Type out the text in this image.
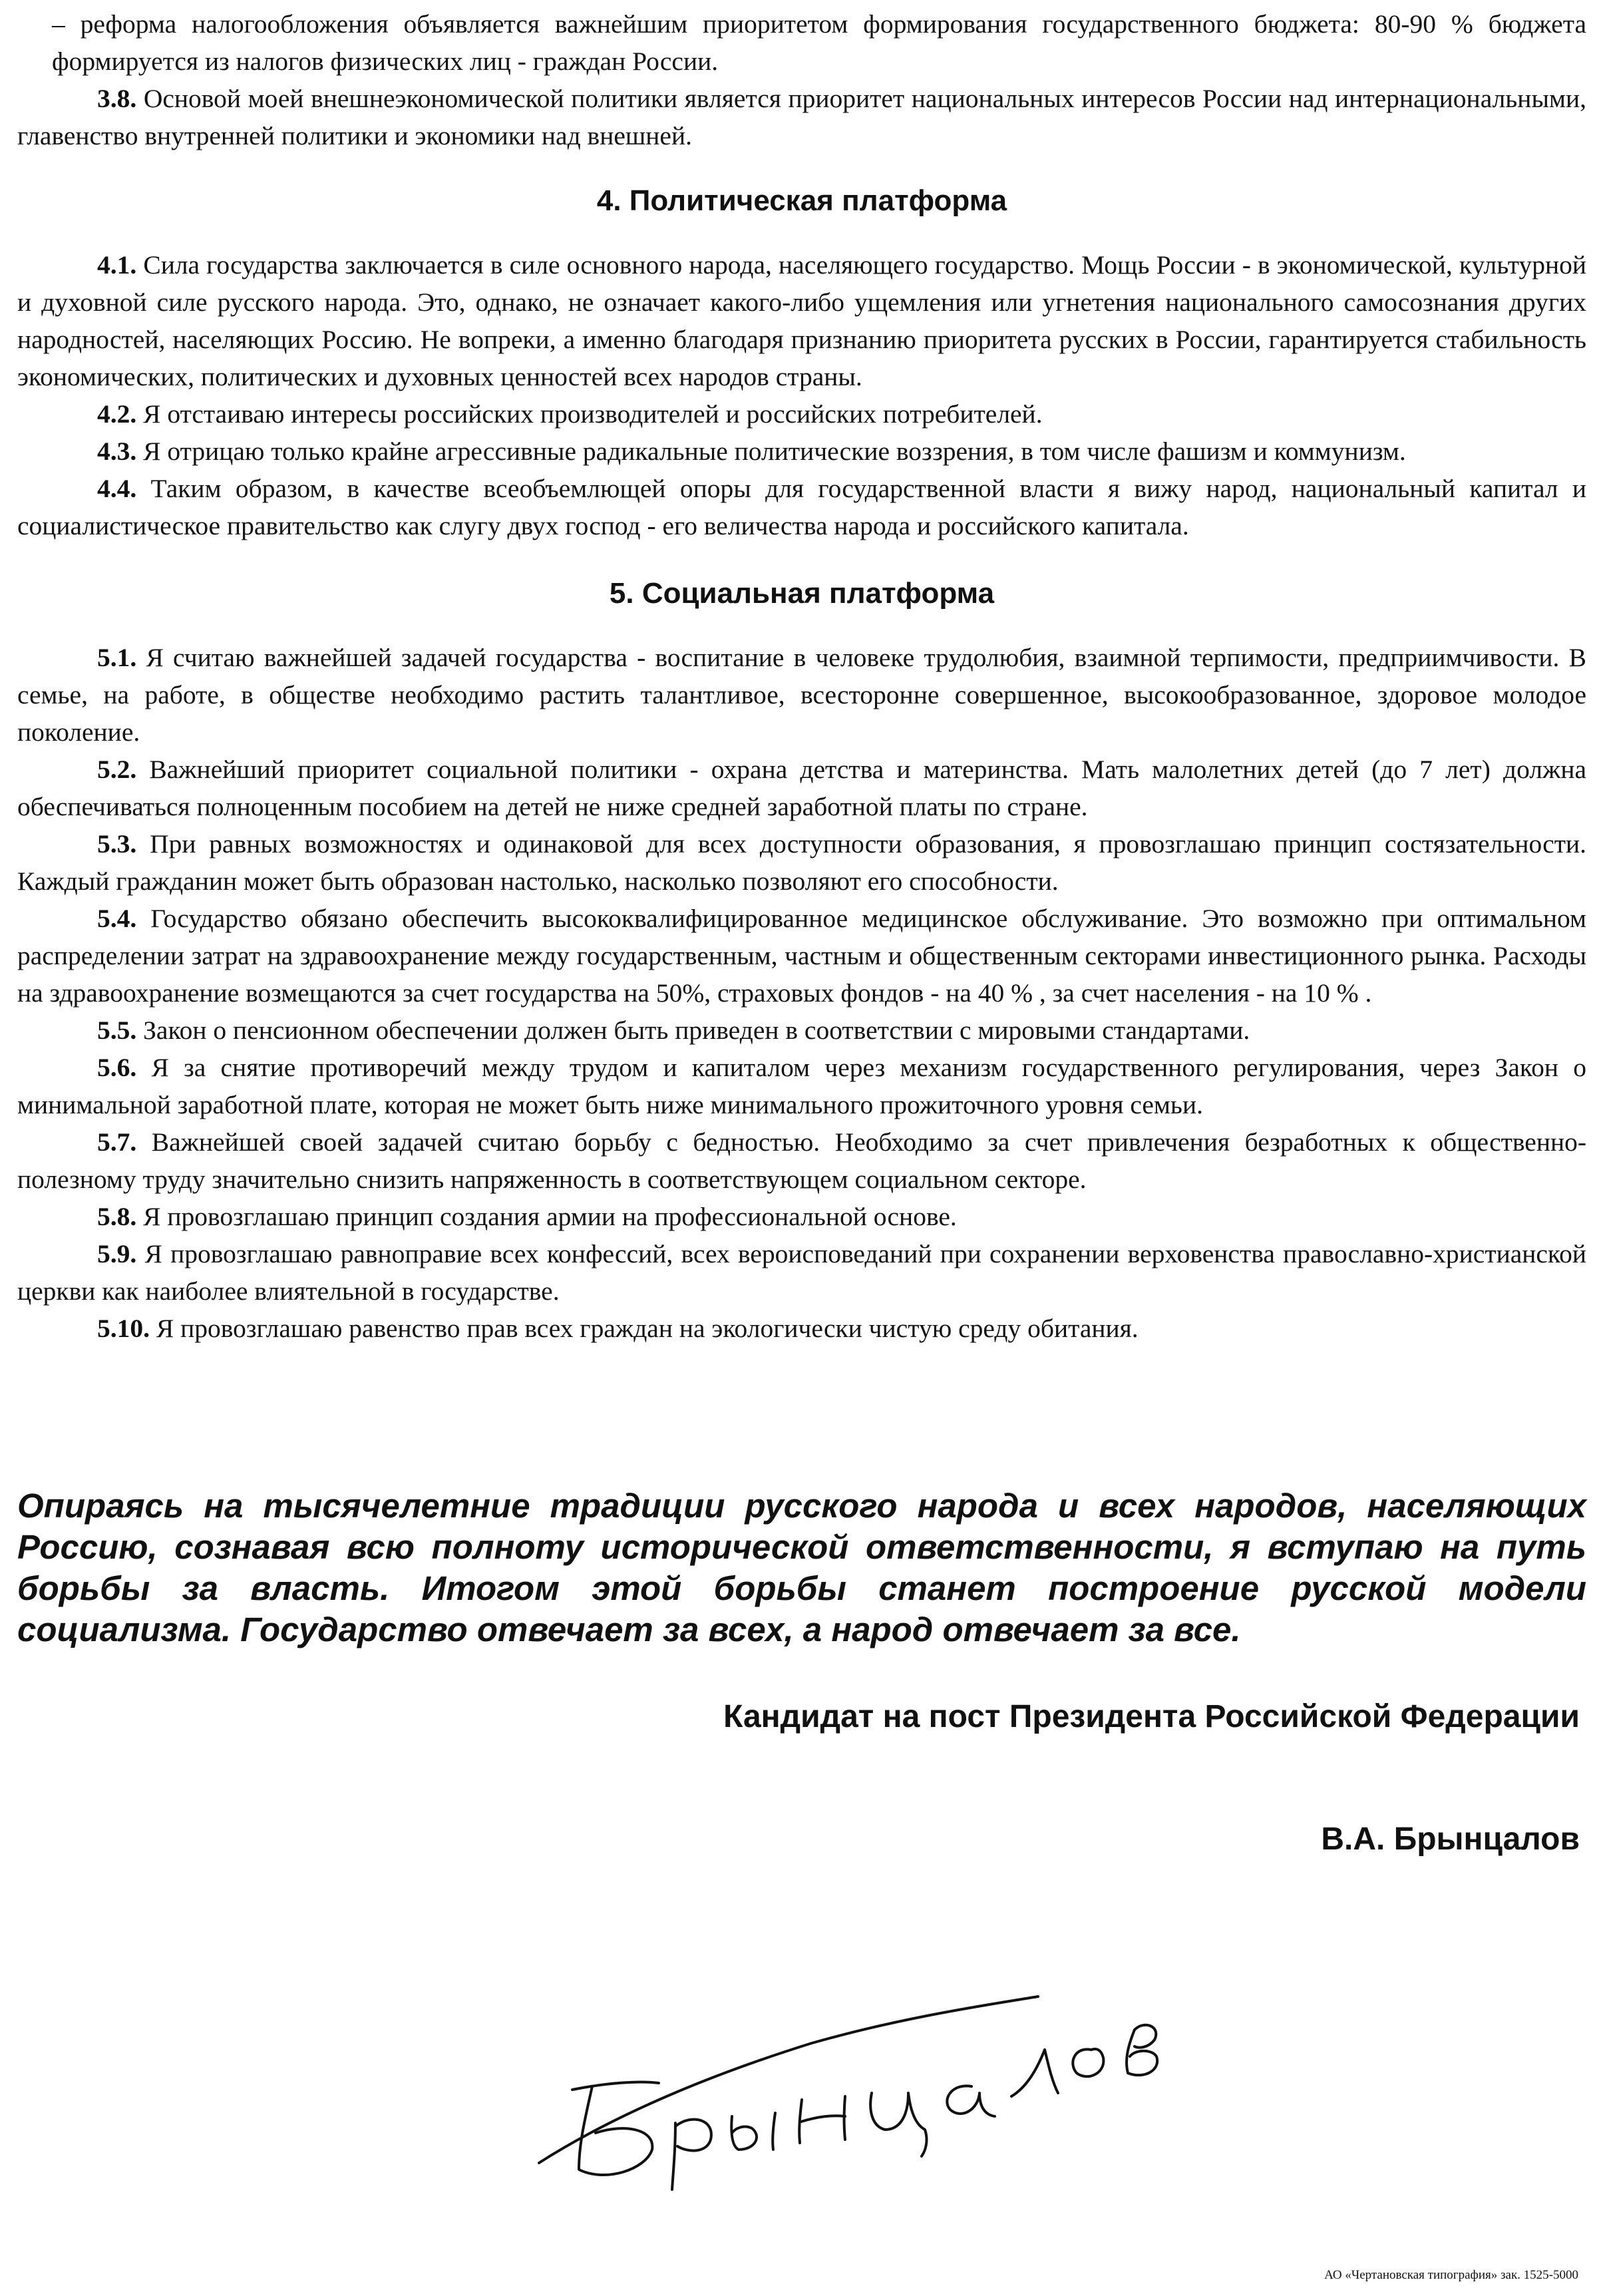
– реформа налогообложения объявляется важнейшим приоритетом формирования государственного бюджета: 80-90 % бюджета формируется из налогов физических лиц - граждан России.

3.8. Основой моей внешнеэкономической политики является приоритет национальных интересов России над интернациональными, главенство внутренней политики и экономики над внешней.

4. Политическая платформа

4.1. Сила государства заключается в силе основного народа, населяющего государство. Мощь России - в экономической, культурной и духовной силе русского народа. Это, однако, не означает какого-либо ущемления или угнетения национального самосознания других народностей, населяющих Россию. Не вопреки, а именно благодаря признанию приоритета русских в России, гарантируется стабильность экономических, политических и духовных ценностей всех народов страны.

4.2. Я отстаиваю интересы российских производителей и российских потребителей.

4.3. Я отрицаю только крайне агрессивные радикальные политические воззрения, в том числе фашизм и коммунизм.

4.4. Таким образом, в качестве всеобъемлющей опоры для государственной власти я вижу народ, национальный капитал и социалистическое правительство как слугу двух господ - его величества народа и российского капитала.

5. Социальная платформа

5.1. Я считаю важнейшей задачей государства - воспитание в человеке трудолюбия, взаимной терпимости, предприимчивости. В семье, на работе, в обществе необходимо растить талантливое, всесторонне совершенное, высокообразованное, здоровое молодое поколение.

5.2. Важнейший приоритет социальной политики - охрана детства и материнства. Мать малолетних детей (до 7 лет) должна обеспечиваться полноценным пособием на детей не ниже средней заработной платы по стране.

5.3. При равных возможностях и одинаковой для всех доступности образования, я провозглашаю принцип состязательности. Каждый гражданин может быть образован настолько, насколько позволяют его способности.

5.4. Государство обязано обеспечить высококвалифицированное медицинское обслуживание. Это возможно при оптимальном распределении затрат на здравоохранение между государственным, частным и общественным секторами инвестиционного рынка. Расходы на здравоохранение возмещаются за счет государства на 50%, страховых фондов - на 40 % , за счет населения - на 10 % .

5.5. Закон о пенсионном обеспечении должен быть приведен в соответствии с мировыми стандартами.

5.6. Я за снятие противоречий между трудом и капиталом через механизм государственного регулирования, через Закон о минимальной заработной плате, которая не может быть ниже минимального прожиточного уровня семьи.

5.7. Важнейшей своей задачей считаю борьбу с бедностью. Необходимо за счет привлечения безработных к общественно-полезному труду значительно снизить напряженность в соответствующем социальном секторе.

5.8. Я провозглашаю принцип создания армии на профессиональной основе.

5.9. Я провозглашаю равноправие всех конфессий, всех вероисповеданий при сохранении верховенства православно-христианской церкви как наиболее влиятельной в государстве.

5.10. Я провозглашаю равенство прав всех граждан на экологически чистую среду обитания.

Опираясь на тысячелетние традиции русского народа и всех народов, населяющих Россию, сознавая всю полноту исторической ответственности, я вступаю на путь борьбы за власть. Итогом этой борьбы станет построение русской модели социализма. Государство отвечает за всех, а народ отвечает за все.

Кандидат на пост Президента Российской Федерации

В.А. Брынцалов

АО «Чертановская типография» зак. 1525-5000
